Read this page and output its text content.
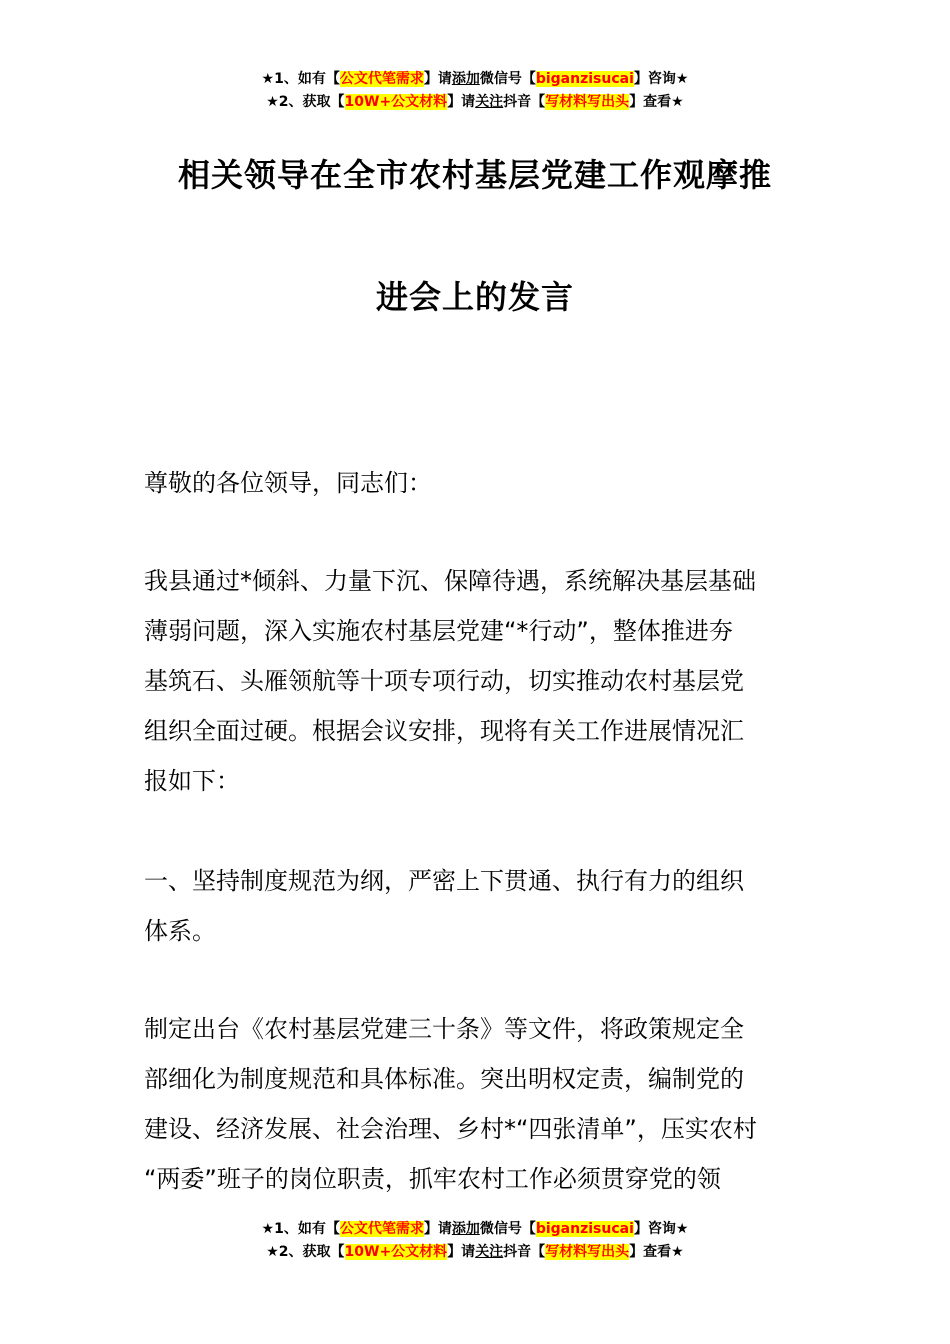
★1、如有【公文代笔需求】请添加微信号【biganzisucai】咨询★
★2、获取【10W+公文材料】请关注抖音【写材料写出头】查看★
相关领导在全市农村基层党建工作观摩推
进会上的发言

尊敬的各位领导，同志们：

我县通过*倾斜、力量下沉、保障待遇，系统解决基层基础
薄弱问题，深入实施农村基层党建“*行动”，整体推进夯
基筑石、头雁领航等十项专项行动，切实推动农村基层党
组织全面过硬。根据会议安排，现将有关工作进展情况汇
报如下：
一、坚持制度规范为纲，严密上下贯通、执行有力的组织
体系。
制定出台《农村基层党建三十条》等文件，将政策规定全
部细化为制度规范和具体标准。突出明权定责，编制党的
建设、经济发展、社会治理、乡村*“四张清单”，压实农村
“两委”班子的岗位职责，抓牢农村工作必须贯穿党的领
★1、如有【公文代笔需求】请添加微信号【biganzisucai】咨询★
★2、获取【10W+公文材料】请关注抖音【写材料写出头】查看★
